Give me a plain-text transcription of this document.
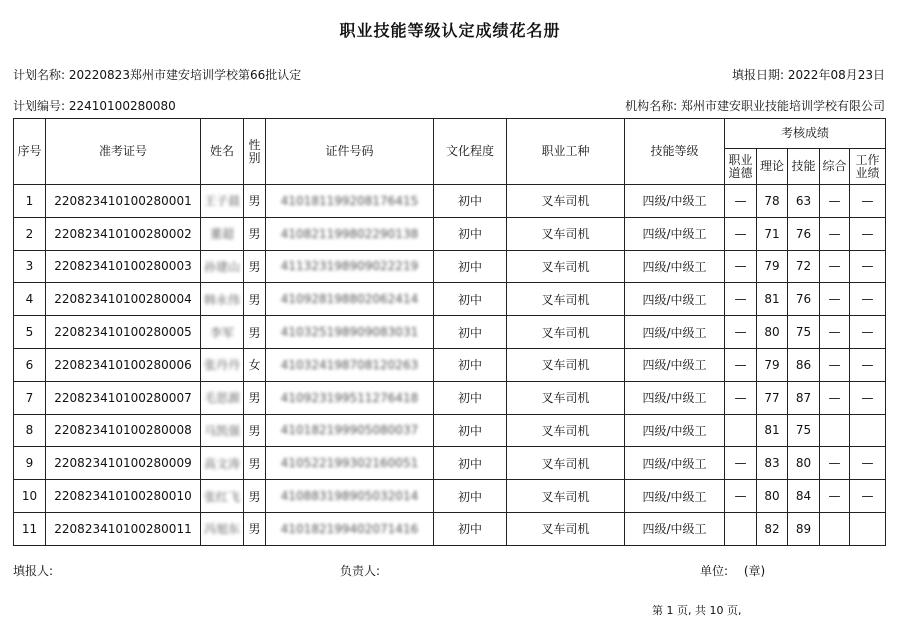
职业技能等级认定成绩花名册
计划名称: 20220823郑州市建安培训学校第66批认定	填报日期: 2022年08月23日
计划编号: 22410100280080	机构名称: 郑州市建安职业技能培训学校有限公司
序号	准考证号	姓名	性别	证件号码	文化程度	职业工种	技能等级	考核成绩				
								职业道德	理论	技能	综合	工作业绩
1	220823410100280001	王子晨	男	410181199208176415	初中	叉车司机	四级/中级工	—	78	63	—	—
2	220823410100280002	董超	男	410821199802290138	初中	叉车司机	四级/中级工	—	71	76	—	—
3	220823410100280003	孙建山	男	411323198909022219	初中	叉车司机	四级/中级工	—	79	72	—	—
4	220823410100280004	韩永伟	男	410928198802062414	初中	叉车司机	四级/中级工	—	81	76	—	—
5	220823410100280005	李军	男	410325198909083031	初中	叉车司机	四级/中级工	—	80	75	—	—
6	220823410100280006	张丹丹	女	410324198708120263	初中	叉车司机	四级/中级工	—	79	86	—	—
7	220823410100280007	毛思源	男	410923199511276418	初中	叉车司机	四级/中级工	—	77	87	—	—
8	220823410100280008	马凯强	男	410182199905080037	初中	叉车司机	四级/中级工		81	75		
9	220823410100280009	高文涛	男	410522199302160051	初中	叉车司机	四级/中级工	—	83	80	—	—
10	220823410100280010	张红飞	男	410883198905032014	初中	叉车司机	四级/中级工	—	80	84	—	—
11	220823410100280011	冯旭东	男	410182199402071416	初中	叉车司机	四级/中级工		82	89		
填报人:	负责人:	单位: (章)
第 1 页, 共 10 页,
